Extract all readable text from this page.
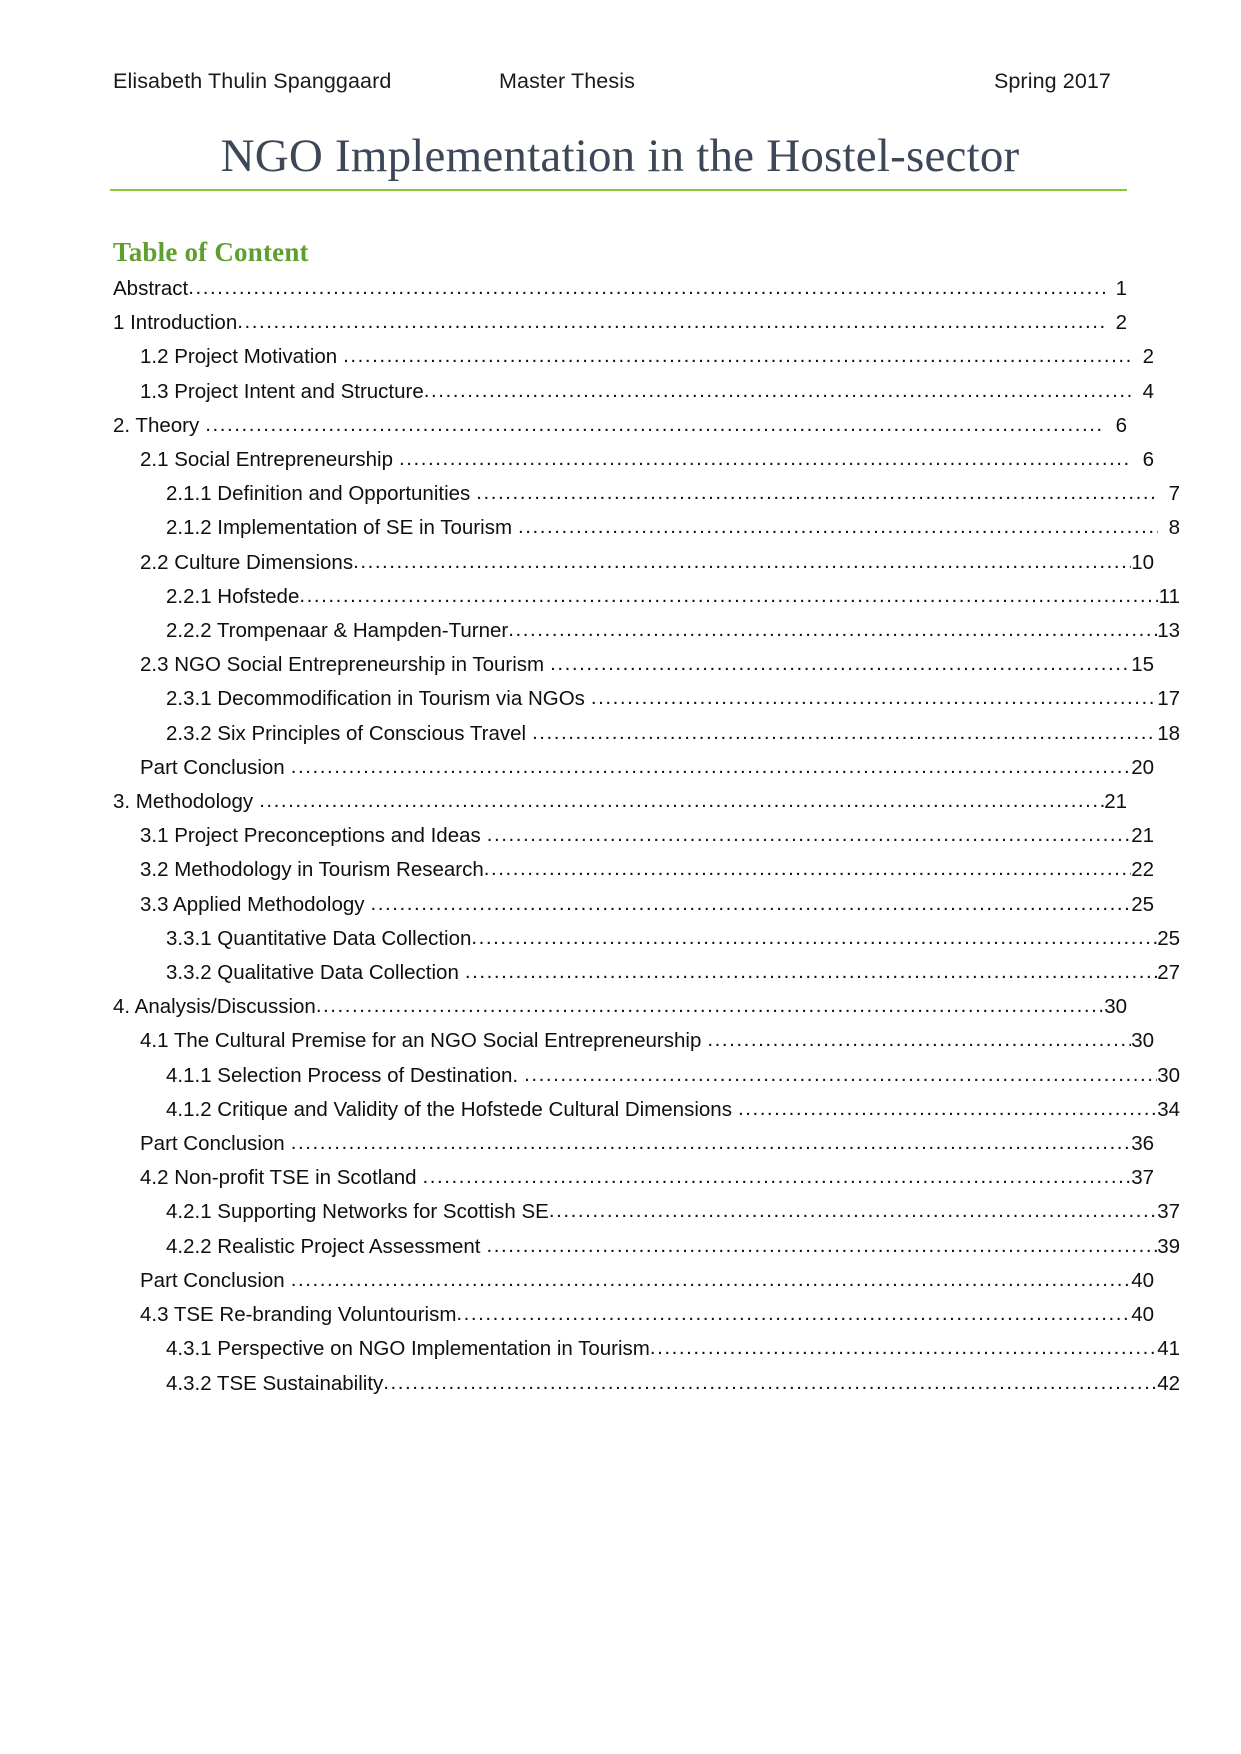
Elisabeth Thulin Spanggaard	Master Thesis	Spring 2017
NGO Implementation in the Hostel-sector
Table of Content
Abstract .....	1
1 Introduction .....	2
1.2 Project Motivation .....	2
1.3 Project Intent and Structure .....	4
2. Theory .....	6
2.1 Social Entrepreneurship .....	6
2.1.1 Definition and Opportunities .....	7
2.1.2 Implementation of SE in Tourism .....	8
2.2 Culture Dimensions .....	10
2.2.1 Hofstede .....	11
2.2.2 Trompenaar & Hampden-Turner .....	13
2.3 NGO Social Entrepreneurship in Tourism .....	15
2.3.1 Decommodification in Tourism via NGOs .....	17
2.3.2 Six Principles of Conscious Travel .....	18
Part Conclusion .....	20
3. Methodology .....	21
3.1 Project Preconceptions and Ideas .....	21
3.2 Methodology in Tourism Research .....	22
3.3 Applied Methodology .....	25
3.3.1 Quantitative Data Collection .....	25
3.3.2 Qualitative Data Collection .....	27
4. Analysis/Discussion .....	30
4.1 The Cultural Premise for an NGO Social Entrepreneurship .....	30
4.1.1 Selection Process of Destination. .....	30
4.1.2 Critique and Validity of the Hofstede Cultural Dimensions .....	34
Part Conclusion .....	36
4.2 Non-profit TSE in Scotland .....	37
4.2.1 Supporting Networks for Scottish SE .....	37
4.2.2 Realistic Project Assessment .....	39
Part Conclusion .....	40
4.3 TSE Re-branding Voluntourism .....	40
4.3.1 Perspective on NGO Implementation in Tourism .....	41
4.3.2 TSE Sustainability .....	42
